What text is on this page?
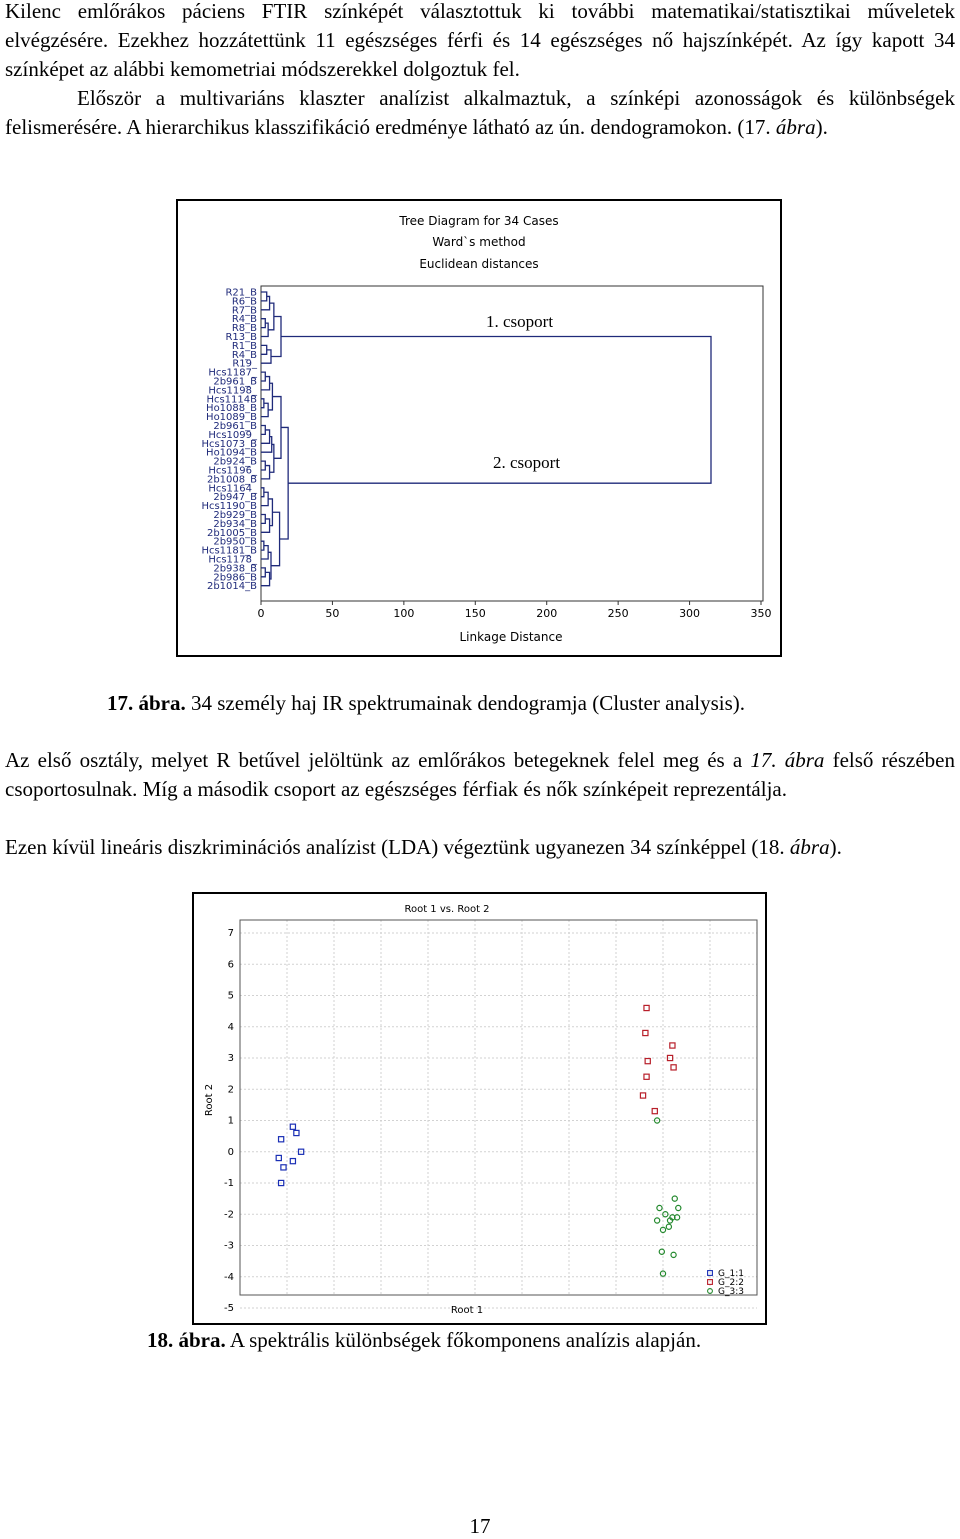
Kilenc emlőrákos páciens FTIR színképét választottuk ki további matematikai/statisztikai műveletek elvégzésére. Ezekhez hozzátettünk 11 egészséges férfi és 14 egészséges nő hajszínképét. Az így kapott 34 színképet az alábbi kemometriai módszerekkel dolgoztuk fel.

Először a multivariáns klaszter analízist alkalmaztuk, a színképi azonosságok és különbségek felismerésére. A hierarchikus klasszifikáció eredménye látható az ún. dendogramokon. (17. ábra).

Tree Diagram for 34 Cases
Ward`s method
Euclidean distances
R21_B
R6_B
R7_B
R4_B
R8_B
R13_B
R1_B
R4_B
R19_
Hcs1187_
2b961_B
Hcs1198_
Hcs1114B
Ho1088_B
Ho1089_B
2b961_B
Hcs1099_
Hcs1073_B
Ho1094_B
2b924_B
Hcs1196_
2b1008_B
Hcs1164_
2b947_B
Hcs1190_B
2b929_B
2b934_B
2b1005_B
2b950_B
Hcs1181_B
Hcs1178_
2b938_B
2b986_B
2b1014_B
0	50	100	150	200	250	300	350
1. csoport
2. csoport
Linkage Distance
17. ábra. 34 személy haj IR spektrumainak dendogramja (Cluster analysis).

Az első osztály, melyet R betűvel jelöltünk az emlőrákos betegeknek felel meg és a 17. ábra felső részében csoportosulnak. Míg a második csoport az egészséges férfiak és nők színképeit reprezentálja.

Ezen kívül lineáris diszkriminációs analízist (LDA) végeztünk ugyanezen 34 színképpel (18. ábra).

Root 1 vs. Root 2
7
6
5
4
3
2
1
0
-1
-2
-3
-4
-5
Root 2
Root 1
G_1:1
G_2:2
G_3:3
18. ábra. A spektrális különbségek főkomponens analízis alapján.
17
